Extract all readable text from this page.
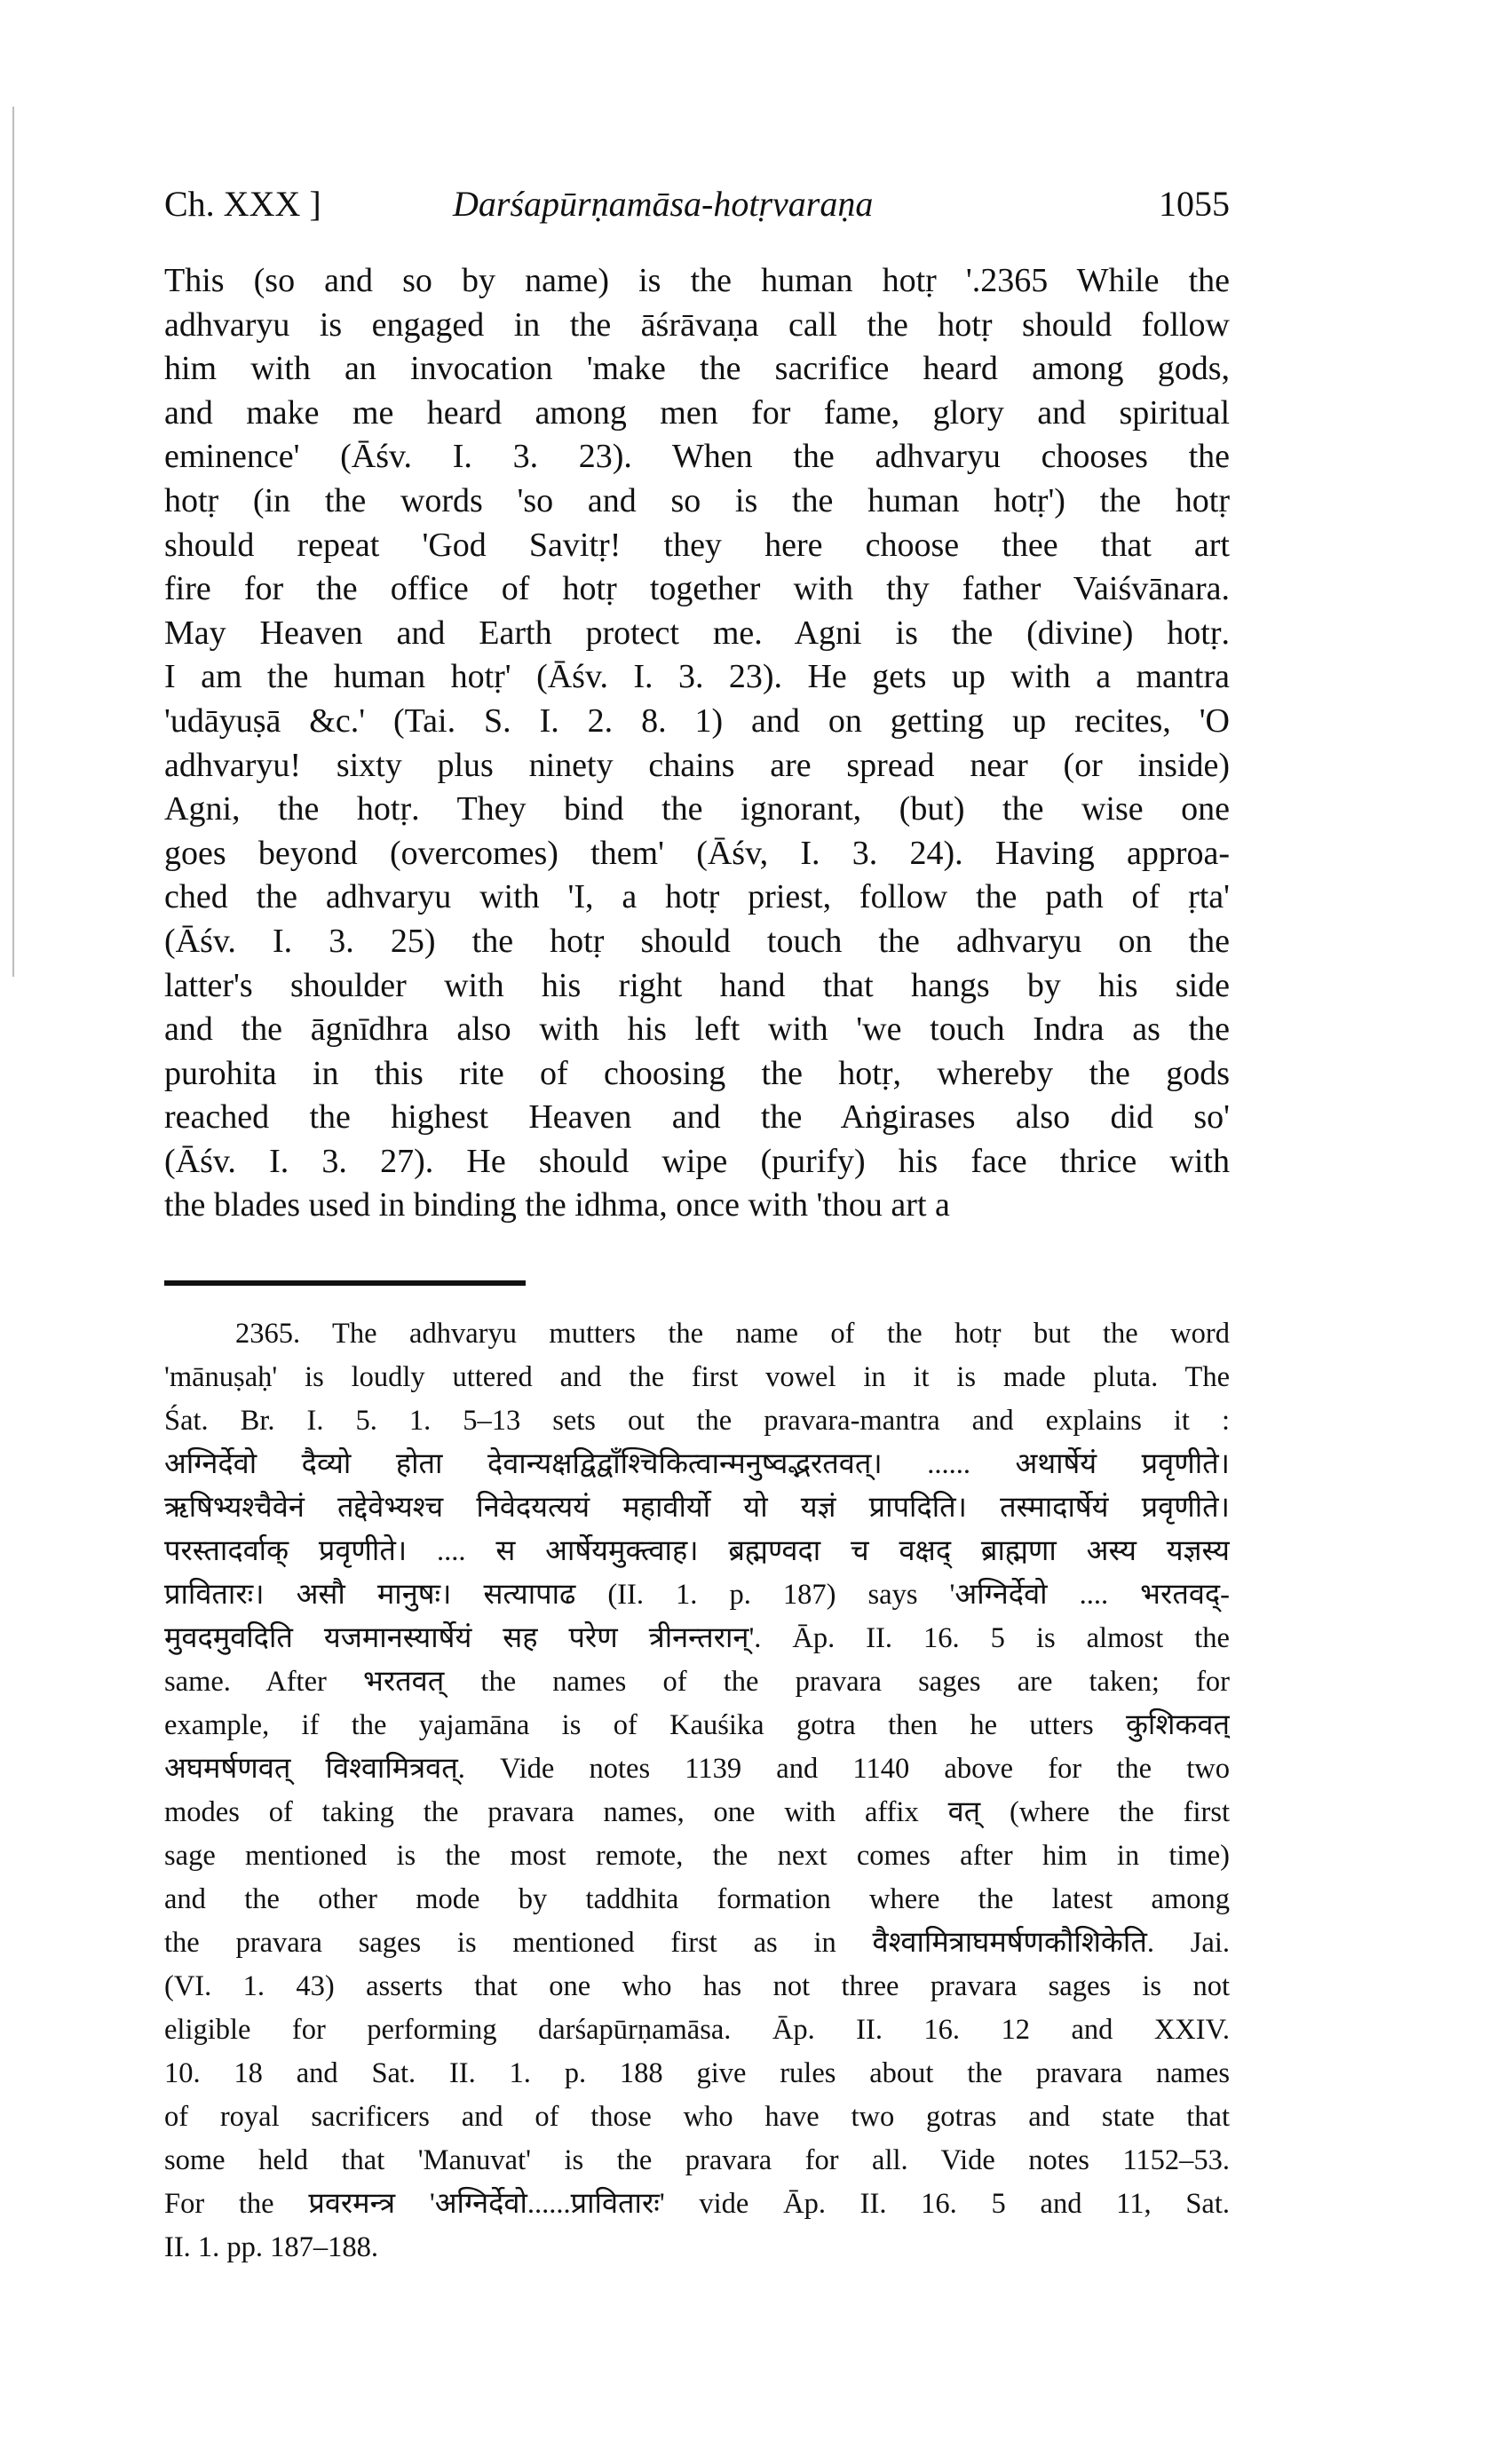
Ch. XXX ]	Darśapūrṇamāsa-hotṛvaraṇa	1055
This (so and so by name) is the human hotṛ '.2365 While the
adhvaryu is engaged in the āśrāvaṇa call the hotṛ should follow
him with an invocation 'make the sacrifice heard among gods,
and make me heard among men for fame, glory and spiritual
eminence' (Āśv. I. 3. 23). When the adhvaryu chooses the
hotṛ (in the words 'so and so is the human hotṛ') the hotṛ
should repeat 'God Savitṛ! they here choose thee that art
fire for the office of hotṛ together with thy father Vaiśvānara.
May Heaven and Earth protect me. Agni is the (divine) hotṛ.
I am the human hotṛ' (Āśv. I. 3. 23). He gets up with a mantra
'udāyuṣā &c.' (Tai. S. I. 2. 8. 1) and on getting up recites, 'O
adhvaryu! sixty plus ninety chains are spread near (or inside)
Agni, the hotṛ. They bind the ignorant, (but) the wise one
goes beyond (overcomes) them' (Āśv, I. 3. 24). Having approa-
ched the adhvaryu with 'I, a hotṛ priest, follow the path of ṛta'
(Āśv. I. 3. 25) the hotṛ should touch the adhvaryu on the
latter's shoulder with his right hand that hangs by his side
and the āgnīdhra also with his left with 'we touch Indra as the
purohita in this rite of choosing the hotṛ, whereby the gods
reached the highest Heaven and the Aṅgirases also did so'
(Āśv. I. 3. 27). He should wipe (purify) his face thrice with
the blades used in binding the idhma, once with 'thou art a
2365. The adhvaryu mutters the name of the hotṛ but the word
'mānuṣaḥ' is loudly uttered and the first vowel in it is made pluta. The
Śat. Br. I. 5. 1. 5–13 sets out the pravara-mantra and explains it :
अग्निर्देवो दैव्यो होता देवान्यक्षद्विद्वाँश्चिकित्वान्मनुष्वद्भरतवत्। ...... अथार्षेयं प्रवृणीते।
ऋषिभ्यश्चैवेनं तद्देवेभ्यश्च निवेदयत्ययं महावीर्यो यो यज्ञं प्रापदिति। तस्मादार्षेयं प्रवृणीते।
परस्तादर्वाक् प्रवृणीते। .... स आर्षेयमुक्त्वाह। ब्रह्मण्वदा च वक्षद् ब्राह्मणा अस्य यज्ञस्य
प्रावितारः। असौ मानुषः। सत्यापाढ (II. 1. p. 187) says 'अग्निर्देवो .... भरतवद्-
मुवदमुवदिति यजमानस्यार्षेयं सह परेण त्रीनन्तरान्'. Āp. II. 16. 5 is almost the
same. After भरतवत् the names of the pravara sages are taken; for
example, if the yajamāna is of Kauśika gotra then he utters कुशिकवत्
अघमर्षणवत् विश्वामित्रवत्. Vide notes 1139 and 1140 above for the two
modes of taking the pravara names, one with affix वत् (where the first
sage mentioned is the most remote, the next comes after him in time)
and the other mode by taddhita formation where the latest among
the pravara sages is mentioned first as in वैश्वामित्राघमर्षणकौशिकेति. Jai.
(VI. 1. 43) asserts that one who has not three pravara sages is not
eligible for performing darśapūrṇamāsa. Āp. II. 16. 12 and XXIV.
10. 18 and Sat. II. 1. p. 188 give rules about the pravara names
of royal sacrificers and of those who have two gotras and state that
some held that 'Manuvat' is the pravara for all. Vide notes 1152–53.
For the प्रवरमन्त्र 'अग्निर्देवो......प्रावितारः' vide Āp. II. 16. 5 and 11, Sat.
II. 1. pp. 187–188.
